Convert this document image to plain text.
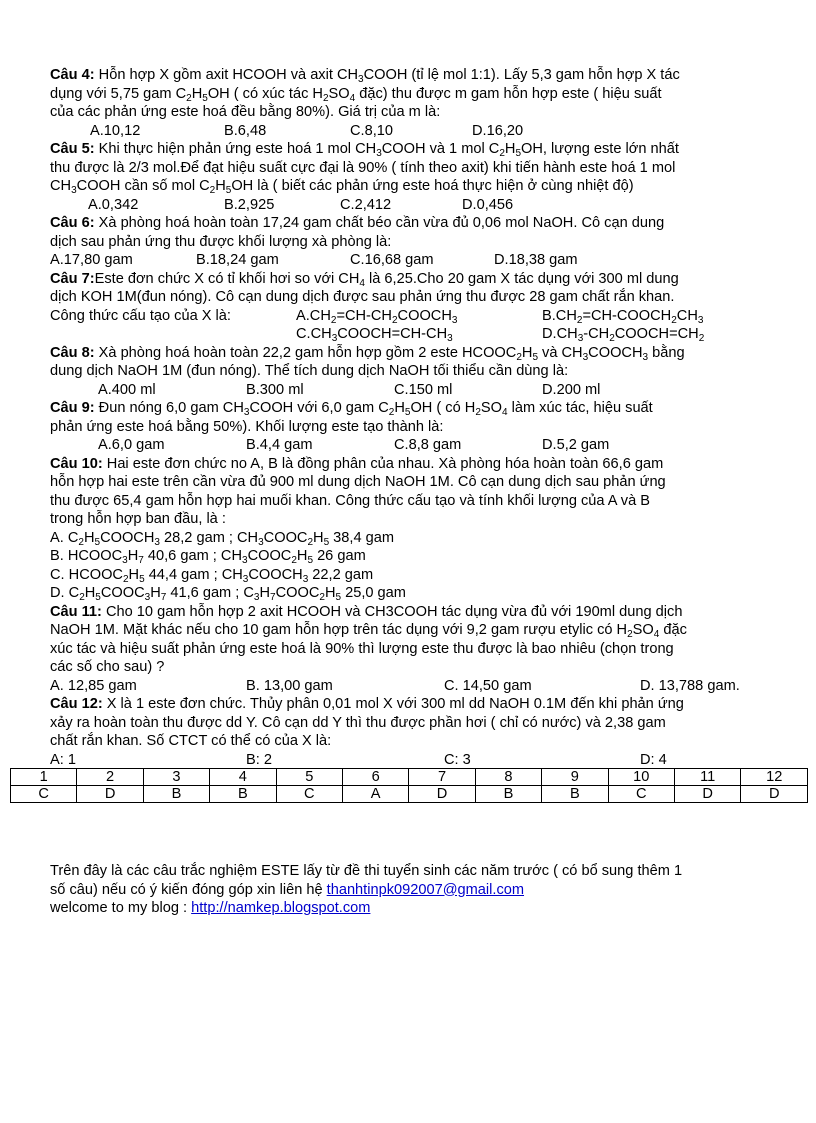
Câu 4: Hỗn hợp X gồm axit HCOOH và axit $CH_3COOH$ (tỉ lệ mol 1:1). Lấy 5,3 gam hỗn hợp X tác
dụng với 5,75 gam $C_2H_5OH$ ( có xúc tác $H_2SO_4$ đặc) thu được m gam hỗn hợp este ( hiệu suất
của các phản ứng este hoá đều bằng 80%). Giá trị của m là:
A.10,12	B.6,48	C.8,10	D.16,20
Câu 5: Khi thực hiện phản ứng este hoá 1 mol $CH_3COOH$ và 1 mol $C_2H_5OH$, lượng este lớn nhất
thu được là 2/3 mol.Để đạt hiệu suất cực đại là 90% ( tính theo axit) khi tiến hành este hoá 1 mol
$CH_3COOH$ cần số mol $C_2H_5OH$ là ( biết các phản ứng este hoá thực hiện ở cùng nhiệt độ)
A.0,342	B.2,925	C.2,412	D.0,456
Câu 6: Xà phòng hoá hoàn toàn 17,24 gam chất béo cần vừa đủ 0,06 mol NaOH. Cô cạn dung
dịch sau phản ứng thu được khối lượng xà phòng là:
A.17,80 gam	B.18,24 gam	C.16,68 gam	D.18,38 gam
Câu 7:Este đơn chức X có tỉ khối hơi so với $CH_4$ là 6,25.Cho 20 gam X tác dụng với 300 ml dung
dịch KOH 1M(đun nóng). Cô cạn dung dịch được sau phản ứng thu được 28 gam chất rắn khan.
Công thức cấu tạo của X là:	$A.CH_2=CH-CH_2COOCH_3$	$B.CH_2=CH-COOCH_2CH_3$
$C.CH_3COOCH=CH-CH_3$	$D.CH_3-CH_2COOCH=CH_2$
Câu 8: Xà phòng hoá hoàn toàn 22,2 gam hỗn hợp gồm 2 este $HCOOC_2H_5$ và $CH_3COOCH_3$ bằng
dung dịch NaOH 1M (đun nóng). Thể tích dung dịch NaOH tối thiểu cần dùng là:
A.400 ml	B.300 ml	C.150 ml	D.200 ml
Câu 9: Đun nóng 6,0 gam $CH_3COOH$ với 6,0 gam $C_2H_5OH$ ( có $H_2SO_4$ làm xúc tác, hiệu suất
phản ứng este hoá bằng 50%). Khối lượng este tạo thành là:
A.6,0 gam	B.4,4 gam	C.8,8 gam	D.5,2 gam
Câu 10: Hai este đơn chức no A, B là đồng phân của nhau. Xà phòng hóa hoàn toàn 66,6 gam
hỗn hợp hai este trên cần vừa đủ 900 ml dung dịch NaOH 1M. Cô cạn dung dịch sau phản ứng
thu được 65,4 gam hỗn hợp hai muối khan. Công thức cấu tạo và tính khối lượng của A và B
trong hỗn hợp ban đầu, là :
A. $C_2H_5COOCH_3$ 28,2 gam ; $CH_3COOC_2H_5$ 38,4 gam
B. $HCOOC_3H_7$ 40,6 gam ; $CH_3COOC_2H_5$ 26 gam
C. $HCOOC_2H_5$ 44,4 gam ; $CH_3COOCH_3$ 22,2 gam
D. $C_2H_5COOC_3H_7$ 41,6 gam ; $C_3H_7COOC_2H_5$ 25,0 gam
Câu 11: Cho 10 gam hỗn hợp 2 axit HCOOH và CH3COOH tác dụng vừa đủ với 190ml dung dịch
NaOH 1M. Mặt khác nếu cho 10 gam hỗn hợp trên tác dụng với 9,2 gam rượu etylic có $H_2SO_4$ đặc
xúc tác và hiệu suất phản ứng este hoá là 90% thì lượng este thu được là bao nhiêu (chọn trong
các số cho sau) ?
A. 12,85 gam	B. 13,00 gam	C. 14,50 gam	D. 13,788 gam.
Câu 12: X là 1 este đơn chức. Thủy phân 0,01 mol X với 300 ml dd NaOH 0.1M đến khi phản ứng
xảy ra hoàn toàn thu được dd Y. Cô cạn dd Y thì thu được phần hơi ( chỉ có nước) và 2,38 gam
chất rắn khan. Số CTCT có thể có của X là:
A: 1	B: 2	C: 3	D: 4
1	2	3	4	5	6	7	8	9	10	11	12
C	D	B	B	C	A	D	B	B	C	D	D
Trên đây là các câu trắc nghiệm ESTE lấy từ đề thi tuyển sinh các năm trước ( có bổ sung thêm 1
số câu) nếu có ý kiến đóng góp xin liên hệ thanhtinpk092007@gmail.com
welcome to my blog : http://namkep.blogspot.com
